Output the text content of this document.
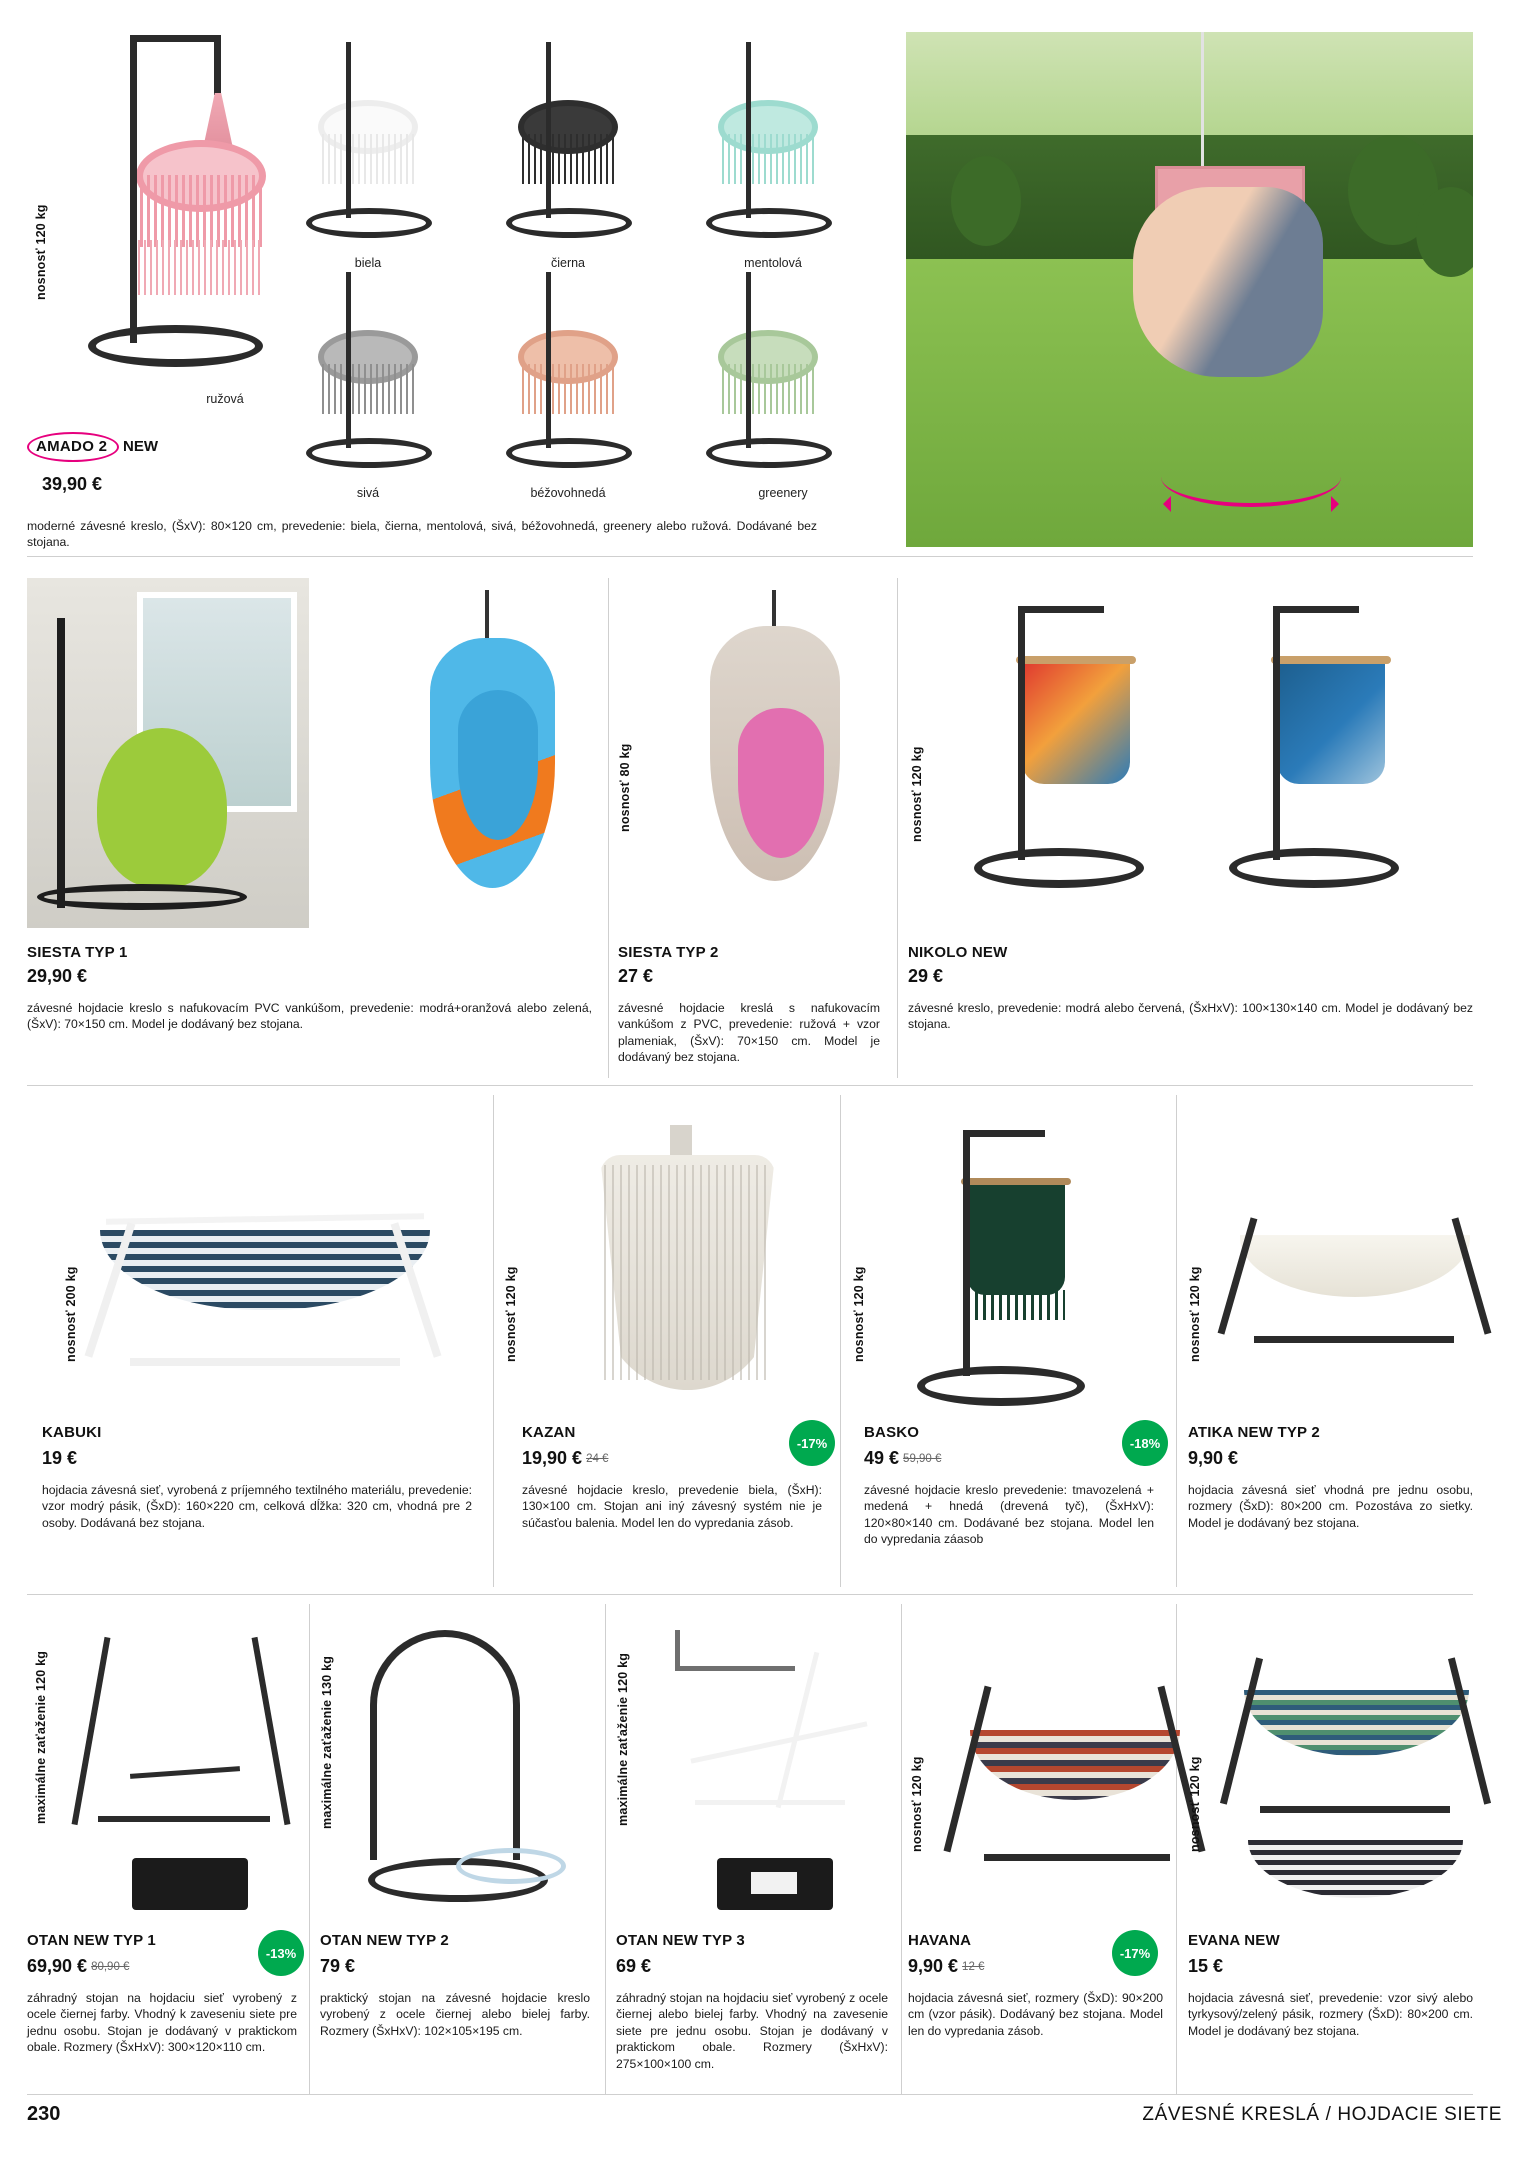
nosnosť 120 kg
ružová
biela	čierna	mentolová
sivá	béžovohnedá	greenery
AMADO 2 NEW
39,90 €
moderné závesné kreslo, (ŠxV): 80×120 cm, prevedenie: biela, čierna, mentolová, sivá, béžovohnedá, greenery alebo ružová. Dodávané bez stojana.
SIESTA TYP 1
29,90 €
závesné hojdacie kreslo s nafukovacím PVC vankúšom, prevedenie: modrá+oranžová alebo zelená, (ŠxV): 70×150 cm. Model je dodávaný bez stojana.
nosnosť 80 kg
SIESTA TYP 2
27 €
závesné hojdacie kreslá s nafukovacím vankúšom z PVC, prevedenie: ružová + vzor plameniak, (ŠxV): 70×150 cm. Model je dodávaný bez stojana.
nosnosť 120 kg
NIKOLO NEW
29 €
závesné kreslo, prevedenie: modrá alebo červená, (ŠxHxV): 100×130×140 cm. Model je dodávaný bez stojana.
nosnosť 200 kg
KABUKI
19 €
hojdacia závesná sieť, vyrobená z príjemného textilného materiálu, prevedenie: vzor modrý pásik, (ŠxD): 160×220 cm, celková dĺžka: 320 cm, vhodná pre 2 osoby. Dodávaná bez stojana.
nosnosť 120 kg
KAZAN
19,90 € 24 €
-17%
závesné hojdacie kreslo, prevedenie biela, (ŠxH): 130×100 cm. Stojan ani iný závesný systém nie je súčasťou balenia. Model len do vypredania zásob.
nosnosť 120 kg
BASKO
49 € 59,90 €
-18%
závesné hojdacie kreslo prevedenie: tmavozelená + medená + hnedá (drevená tyč), (ŠxHxV): 120×80×140 cm. Dodávané bez stojana. Model len do vypredania záasob
nosnosť 120 kg
ATIKA NEW TYP 2
9,90 €
hojdacia závesná sieť vhodná pre jednu osobu, rozmery (ŠxD): 80×200 cm. Pozostáva zo sietky. Model je dodávaný bez stojana.
maximálne zaťaženie 120 kg
OTAN NEW TYP 1
69,90 € 80,90 €
-13%
záhradný stojan na hojdaciu sieť vyrobený z ocele čiernej farby. Vhodný k zaveseniu siete pre jednu osobu. Stojan je dodávaný v praktickom obale. Rozmery (ŠxHxV): 300×120×110 cm.
maximálne zaťaženie 130 kg
OTAN NEW TYP 2
79 €
praktický stojan na závesné hojdacie kreslo vyrobený z ocele čiernej alebo bielej farby. Rozmery (ŠxHxV): 102×105×195 cm.
maximálne zaťaženie 120 kg
OTAN NEW TYP 3
69 €
záhradný stojan na hojdaciu sieť vyrobený z ocele čiernej alebo bielej farby. Vhodný na zavesenie siete pre jednu osobu. Stojan je dodávaný v praktickom obale. Rozmery (ŠxHxV): 275×100×100 cm.
nosnosť 120 kg
HAVANA
9,90 € 12 €
-17%
hojdacia závesná sieť, rozmery (ŠxD): 90×200 cm (vzor pásik). Dodávaný bez stojana. Model len do vypredania zásob.
nosnosť 120 kg
EVANA NEW
15 €
hojdacia závesná sieť, prevedenie: vzor sivý alebo tyrkysový/zelený pásik, rozmery (ŠxD): 80×200 cm. Model je dodávaný bez stojana.
230	ZÁVESNÉ KRESLÁ / HOJDACIE SIETE
